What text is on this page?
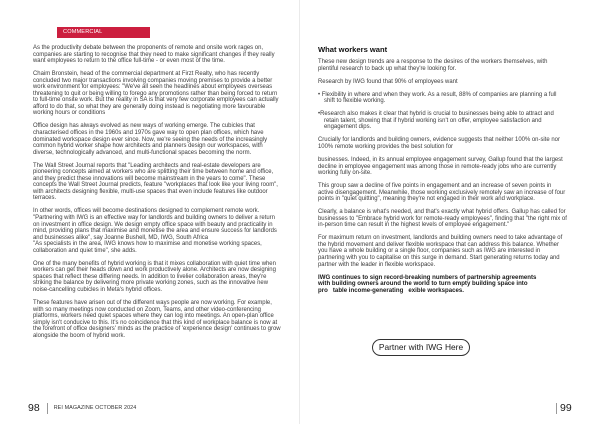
COMMERCIAL

As the productivity debate between the proponents of remote and onsite work rages on, companies are starting to recognise that they need to make significant changes if they really want employees to return to the office full-time - or even most of the time.

Chaim Bronstein, head of the commercial department at Firzt Realty, who has recently concluded two major transactions involving companies moving premises to provide a better work environment for employees: "We've all seen the headlines about employees overseas threatening to quit or being willing to forego any promotions rather than being forced to return to full-time onsite work. But the reality in SA is that very few corporate employees can actually afford to do that, so what they are generally doing instead is negotiating more favourable working hours or conditions

Office design has always evolved as new ways of working emerge. The cubicles that characterised offices in the 1960s and 1970s gave way to open plan offices, which have dominated workspace design ever since. Now, we're seeing the needs of the increasingly common hybrid worker shape how architects and planners design our workspaces, with diverse, technologically advanced, and multi-functional spaces becoming the norm.

The Wall Street Journal reports that "Leading architects and real-estate developers are pioneering concepts aimed at workers who are splitting their time between home and office, and they predict these innovations will become mainstream in the years to come". These concepts the Wall Street Journal predicts, feature "workplaces that look like your living room", with architects designing flexible, multi-use spaces that even include features like outdoor terraces.

In other words, offices will become destinations designed to complement remote work. "Partnering with IWG is an effective way for landlords and building owners to deliver a return on investment in office design. We design empty office space with beauty and practicality in mind, providing plans that maximise and monetise the area and ensure success for landlords and businesses alike", say Joanne Bushell, MD, IWG, South Africa
"As specialists in the area, IWG knows how to maximise and monetise working spaces, collaboration and quiet time", she adds.

One of the many benefits of hybrid working is that it mixes collaboration with quiet time when workers can get their heads down and work productively alone. Architects are now designing spaces that reflect these differing needs. In addition to livelier collaboration areas, they're striking the balance by delivering more private working zones, such as the innovative new noise-cancelling cubicles in Meta's hybrid offices.

These features have arisen out of the different ways people are now working. For example, with so many meetings now conducted on Zoom, Teams, and other video-conferencing platforms, workers need quiet spaces where they can log into meetings. An open-plan office simply isn't conducive to this. It's no coincidence that this kind of workplace balance is now at the forefront of office designers' minds as the practice of 'experience design' continues to grow alongside the boom of hybrid work.

98	REI MAGAZINE OCTOBER 2024
What workers want

These new design trends are a response to the desires of the workers themselves, with plentiful research to back up what they're looking for.

Research by IWG found that 90% of employees want

• Flexibility in where and when they work. As a result, 88% of companies are planning a full shift to flexible working.

•Research also makes it clear that hybrid is crucial to businesses being able to attract and retain talent, showing that if hybrid working isn't on offer, employee satisfaction and engagement dips.

Crucially for landlords and building owners, evidence suggests that neither 100% on-site nor 100% remote working provides the best solution for

businesses. Indeed, in its annual employee engagement survey, Gallup found that the largest decline in employee engagement was among those in remote-ready jobs who are currently working fully on-site.

This group saw a decline of five points in engagement and an increase of seven points in active disengagement. Meanwhile, those working exclusively remotely saw an increase of four points in "quiet quitting", meaning they're not engaged in their work and workplace.

Clearly, a balance is what's needed, and that's exactly what hybrid offers. Gallup has called for businesses to "Embrace hybrid work for remote-ready employees", finding that "the right mix of in-person time can result in the highest levels of employee engagement."

For maximum return on investment, landlords and building owners need to take advantage of the hybrid movement and deliver flexible workspace that can address this balance. Whether you have a whole building or a single floor, companies such as IWG are interested in partnering with you to capitalise on this surge in demand. Start generating returns today and partner with the leader in flexible workspace.

IWG continues to sign record-breaking numbers of partnership agreements
with building owners around the world to turn empty building space into
pro   table income-generating   exible workspaces.
Partner with IWG Here
99
